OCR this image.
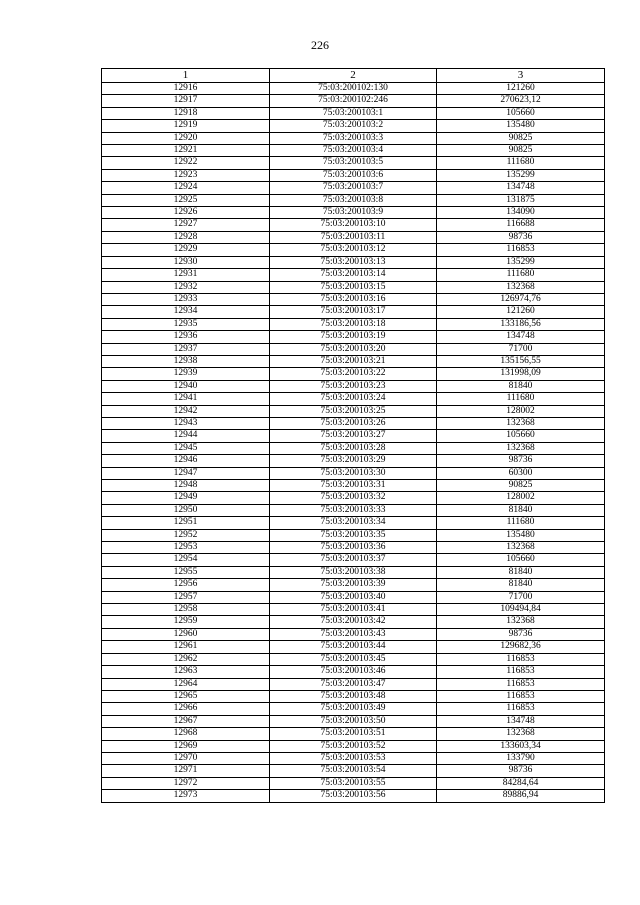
226
1	2	3
12916	75:03:200102:130	121260
12917	75:03:200102:246	270623,12
12918	75:03:200103:1	105660
12919	75:03:200103:2	135480
12920	75:03:200103:3	90825
12921	75:03:200103:4	90825
12922	75:03:200103:5	111680
12923	75:03:200103:6	135299
12924	75:03:200103:7	134748
12925	75:03:200103:8	131875
12926	75:03:200103:9	134090
12927	75:03:200103:10	116688
12928	75:03:200103:11	98736
12929	75:03:200103:12	116853
12930	75:03:200103:13	135299
12931	75:03:200103:14	111680
12932	75:03:200103:15	132368
12933	75:03:200103:16	126974,76
12934	75:03:200103:17	121260
12935	75:03:200103:18	133186,56
12936	75:03:200103:19	134748
12937	75:03:200103:20	71700
12938	75:03:200103:21	135156,55
12939	75:03:200103:22	131998,09
12940	75:03:200103:23	81840
12941	75:03:200103:24	111680
12942	75:03:200103:25	128002
12943	75:03:200103:26	132368
12944	75:03:200103:27	105660
12945	75:03:200103:28	132368
12946	75:03:200103:29	98736
12947	75:03:200103:30	60300
12948	75:03:200103:31	90825
12949	75:03:200103:32	128002
12950	75:03:200103:33	81840
12951	75:03:200103:34	111680
12952	75:03:200103:35	135480
12953	75:03:200103:36	132368
12954	75:03:200103:37	105660
12955	75:03:200103:38	81840
12956	75:03:200103:39	81840
12957	75:03:200103:40	71700
12958	75:03:200103:41	109494,84
12959	75:03:200103:42	132368
12960	75:03:200103:43	98736
12961	75:03:200103:44	129682,36
12962	75:03:200103:45	116853
12963	75:03:200103:46	116853
12964	75:03:200103:47	116853
12965	75:03:200103:48	116853
12966	75:03:200103:49	116853
12967	75:03:200103:50	134748
12968	75:03:200103:51	132368
12969	75:03:200103:52	133603,34
12970	75:03:200103:53	133790
12971	75:03:200103:54	98736
12972	75:03:200103:55	84284,64
12973	75:03:200103:56	89886,94
